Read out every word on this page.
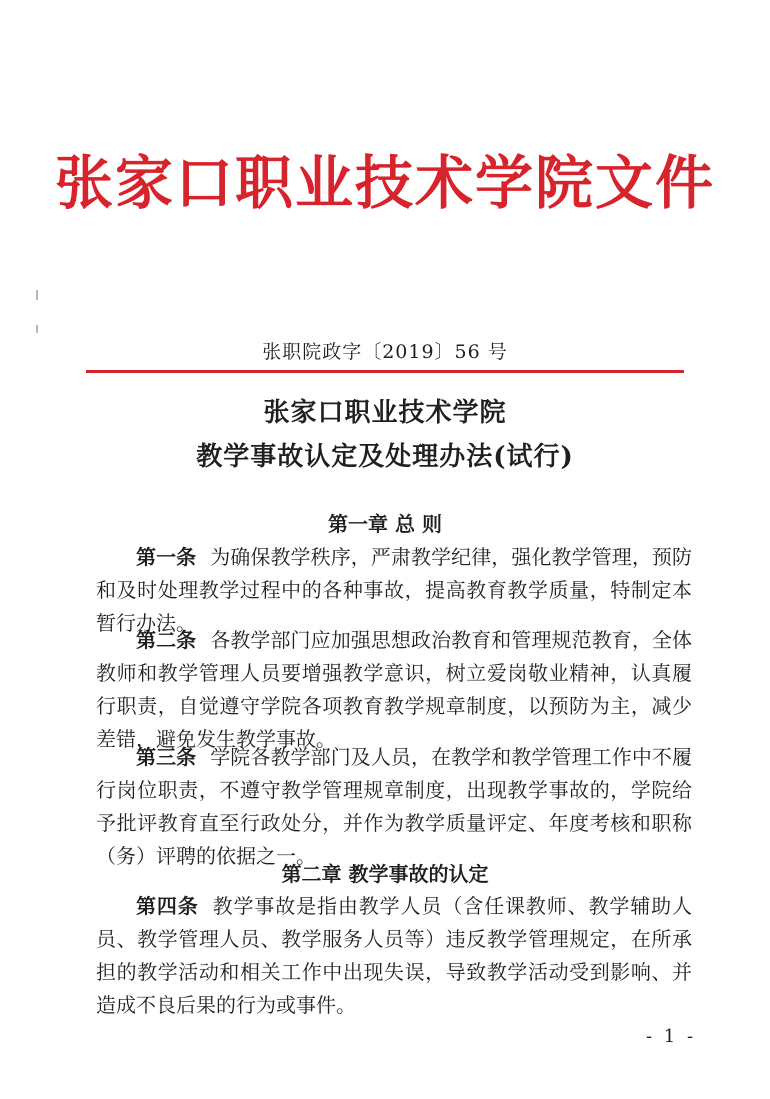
张家口职业技术学院文件
张职院政字〔2019〕56 号
张家口职业技术学院
教学事故认定及处理办法(试行)
第一章 总 则
第一条 为确保教学秩序，严肃教学纪律，强化教学管理，预防和及时处理教学过程中的各种事故，提高教育教学质量，特制定本暂行办法。
第二条 各教学部门应加强思想政治教育和管理规范教育，全体教师和教学管理人员要增强教学意识，树立爱岗敬业精神，认真履行职责，自觉遵守学院各项教育教学规章制度，以预防为主，减少差错，避免发生教学事故。
第三条 学院各教学部门及人员，在教学和教学管理工作中不履行岗位职责，不遵守教学管理规章制度，出现教学事故的，学院给予批评教育直至行政处分，并作为教学质量评定、年度考核和职称（务）评聘的依据之一。
第二章 教学事故的认定
第四条 教学事故是指由教学人员（含任课教师、教学辅助人员、教学管理人员、教学服务人员等）违反教学管理规定，在所承担的教学活动和相关工作中出现失误，导致教学活动受到影响、并造成不良后果的行为或事件。
- 1 -
